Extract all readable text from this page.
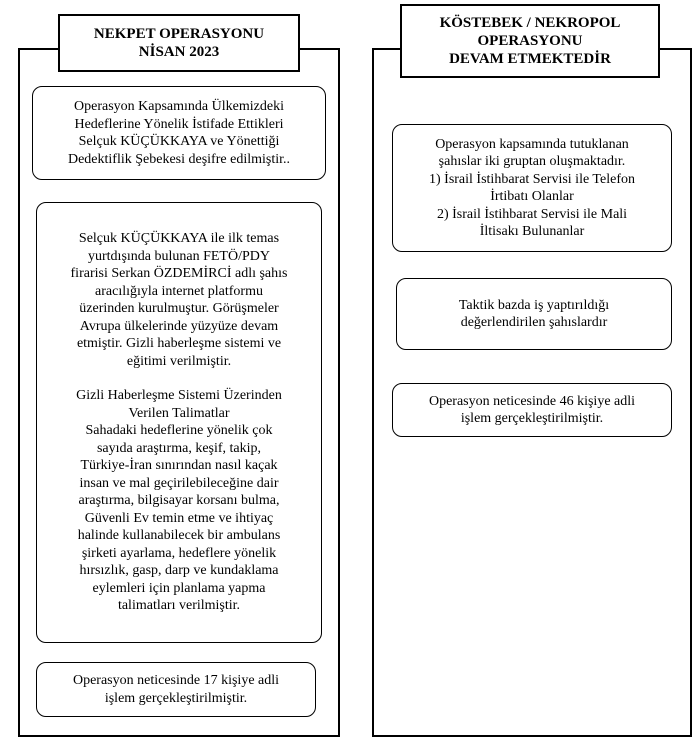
NEKPET OPERASYONU
NİSAN 2023
Operasyon Kapsamında Ülkemizdeki
Hedeflerine Yönelik İstifade Ettikleri
Selçuk KÜÇÜKKAYA ve Yönettiği
Dedektiflik Şebekesi deşifre edilmiştir..
Selçuk KÜÇÜKKAYA ile ilk temas
yurtdışında bulunan FETÖ/PDY
firarisi Serkan ÖZDEMİRCİ adlı şahıs
aracılığıyla internet platformu
üzerinden kurulmuştur. Görüşmeler
Avrupa ülkelerinde yüzyüze devam
etmiştir. Gizli haberleşme sistemi ve
eğitimi verilmiştir.
Gizli Haberleşme Sistemi Üzerinden
Verilen Talimatlar
Sahadaki hedeflerine yönelik çok
sayıda araştırma, keşif, takip,
Türkiye-İran sınırından nasıl kaçak
insan ve mal geçirilebileceğine dair
araştırma, bilgisayar korsanı bulma,
Güvenli Ev temin etme ve ihtiyaç
halinde kullanabilecek bir ambulans
şirketi ayarlama, hedeflere yönelik
hırsızlık, gasp, darp ve kundaklama
eylemleri için planlama yapma
talimatları verilmiştir.
Operasyon neticesinde 17 kişiye adli
işlem gerçekleştirilmiştir.
KÖSTEBEK / NEKROPOL
OPERASYONU
DEVAM ETMEKTEDİR
Operasyon kapsamında tutuklanan
şahıslar iki gruptan oluşmaktadır.
1) İsrail İstihbarat Servisi ile Telefon
İrtibatı Olanlar
2) İsrail İstihbarat Servisi ile Mali
İltisakı Bulunanlar
Taktik bazda iş yaptırıldığı
değerlendirilen şahıslardır
Operasyon neticesinde 46 kişiye adli
işlem gerçekleştirilmiştir.
